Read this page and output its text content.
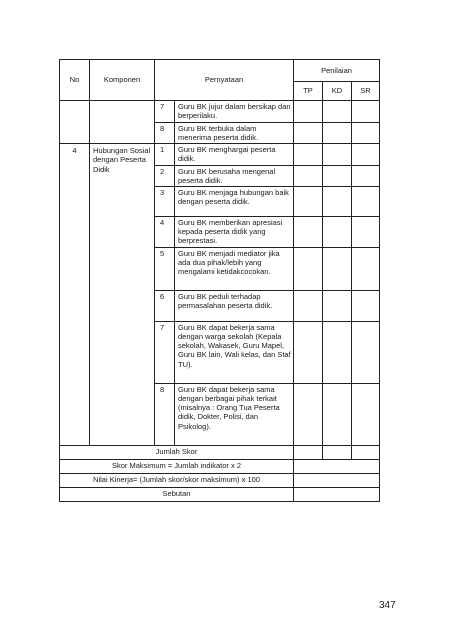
No	Komponen	Pernyataan		Penilaian		
				TP	KD	SR
		7	Guru BK jujur dalam bersikap dan berperilaku.			
		8	Guru BK terbuka dalam menerima peserta didik.			
4	Hubungan Sosial dengan Peserta Didik	1	Guru BK menghargai peserta didik.			
		2	Guru BK berusaha mengenal peserta didik.			
		3	Guru BK menjaga hubungan baik dengan peserta didik.			
		4	Guru BK memberikan apresiasi kepada peserta didik yang berprestasi.			
		5	Guru BK menjadi mediator jika ada dua pihak/lebih yang mengalami ketidakcocokan.			
		6	Guru BK peduli terhadap permasalahan peserta didik.			
		7	Guru BK dapat bekerja sama dengan warga sekolah (Kepala sekolah, Wakasek, Guru Mapel, Guru BK lain, Wali kelas, dan Staf TU).			
		8	Guru BK dapat bekerja sama dengan berbagai pihak terkait (misalnya : Orang Tua Peserta didik, Dokter, Polisi, dan Psikolog).			
Jumlah Skor						
Skor Maksimum = Jumlah indikator x 2						
Nilai Kinerja= (Jumlah skor/skor maksimum) x 100						
Sebutan						
347
